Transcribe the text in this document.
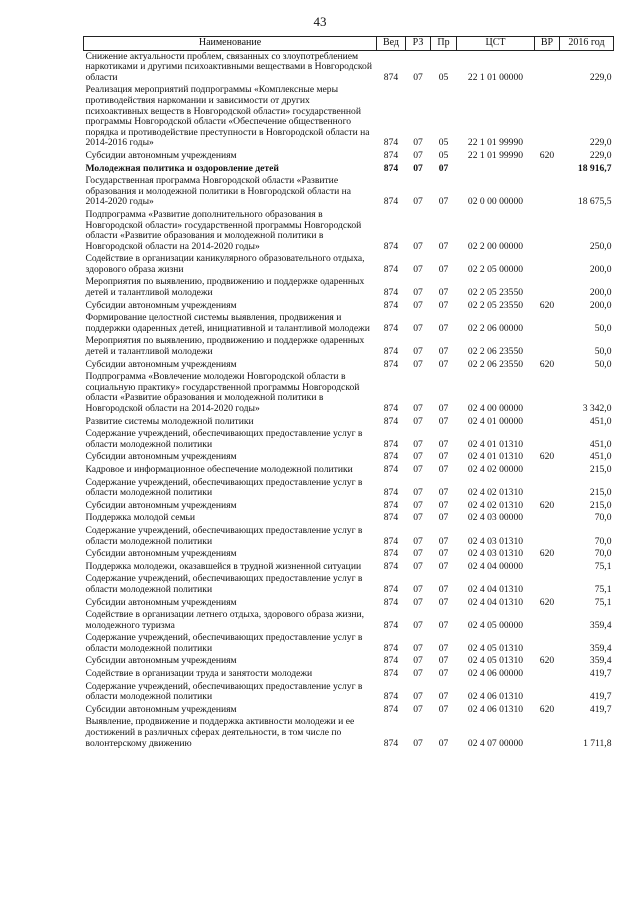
43
Наименование	Вед	РЗ	Пр	ЦСТ	ВР	2016 год
Снижение актуальности проблем, связанных со злоупотреблением наркотиками и другими психоактивными веществами в Новгородской области	874	07	05	22 1 01 00000		229,0
Реализация мероприятий подпрограммы «Комплексные меры противодействия наркомании и зависимости от других психоактивных веществ в Новгородской области» государственной программы Новгородской области «Обеспечение общественного порядка и противодействие преступности в Новгородской области на 2014-2016 годы»	874	07	05	22 1 01 99990		229,0
Субсидии автономным учреждениям	874	07	05	22 1 01 99990	620	229,0
Молодежная политика и оздоровление детей	874	07	07			18 916,7
Государственная программа Новгородской области «Развитие образования и молодежной политики в Новгородской области на 2014-2020 годы»	874	07	07	02 0 00 00000		18 675,5
Подпрограмма «Развитие дополнительного образования в Новгородской области» государственной программы Новгородской области «Развитие образования и молодежной политики в Новгородской области на 2014-2020 годы»	874	07	07	02 2 00 00000		250,0
Содействие в организации каникулярного образовательного отдыха, здорового образа жизни	874	07	07	02 2 05 00000		200,0
Мероприятия по выявлению, продвижению и поддержке одаренных детей и талантливой молодежи	874	07	07	02 2 05 23550		200,0
Субсидии автономным учреждениям	874	07	07	02 2 05 23550	620	200,0
Формирование целостной системы выявления, продвижения и поддержки одаренных детей, инициативной и талантливой молодежи	874	07	07	02 2 06 00000		50,0
Мероприятия по выявлению, продвижению и поддержке одаренных детей и талантливой молодежи	874	07	07	02 2 06 23550		50,0
Субсидии автономным учреждениям	874	07	07	02 2 06 23550	620	50,0
Подпрограмма «Вовлечение молодежи Новгородской области в социальную практику» государственной программы Новгородской области «Развитие образования и молодежной политики в Новгородской области на 2014-2020 годы»	874	07	07	02 4 00 00000		3 342,0
Развитие системы молодежной политики	874	07	07	02 4 01 00000		451,0
Содержание учреждений, обеспечивающих предоставление услуг в области молодежной политики	874	07	07	02 4 01 01310		451,0
Субсидии автономным учреждениям	874	07	07	02 4 01 01310	620	451,0
Кадровое и информационное обеспечение молодежной политики	874	07	07	02 4 02 00000		215,0
Содержание учреждений, обеспечивающих предоставление услуг в области молодежной политики	874	07	07	02 4 02 01310		215,0
Субсидии автономным учреждениям	874	07	07	02 4 02 01310	620	215,0
Поддержка молодой семьи	874	07	07	02 4 03 00000		70,0
Содержание учреждений, обеспечивающих предоставление услуг в области молодежной политики	874	07	07	02 4 03 01310		70,0
Субсидии автономным учреждениям	874	07	07	02 4 03 01310	620	70,0
Поддержка молодежи, оказавшейся в трудной жизненной ситуации	874	07	07	02 4 04 00000		75,1
Содержание учреждений, обеспечивающих предоставление услуг в области молодежной политики	874	07	07	02 4 04 01310		75,1
Субсидии автономным учреждениям	874	07	07	02 4 04 01310	620	75,1
Содействие в организации летнего отдыха, здорового образа жизни, молодежного туризма	874	07	07	02 4 05 00000		359,4
Содержание учреждений, обеспечивающих предоставление услуг в области молодежной политики	874	07	07	02 4 05 01310		359,4
Субсидии автономным учреждениям	874	07	07	02 4 05 01310	620	359,4
Содействие в организации труда и занятости молодежи	874	07	07	02 4 06 00000		419,7
Содержание учреждений, обеспечивающих предоставление услуг в области молодежной политики	874	07	07	02 4 06 01310		419,7
Субсидии автономным учреждениям	874	07	07	02 4 06 01310	620	419,7
Выявление, продвижение и поддержка активности молодежи и ее достижений в различных сферах деятельности, в том числе по волонтерскому движению	874	07	07	02 4 07 00000		1 711,8
